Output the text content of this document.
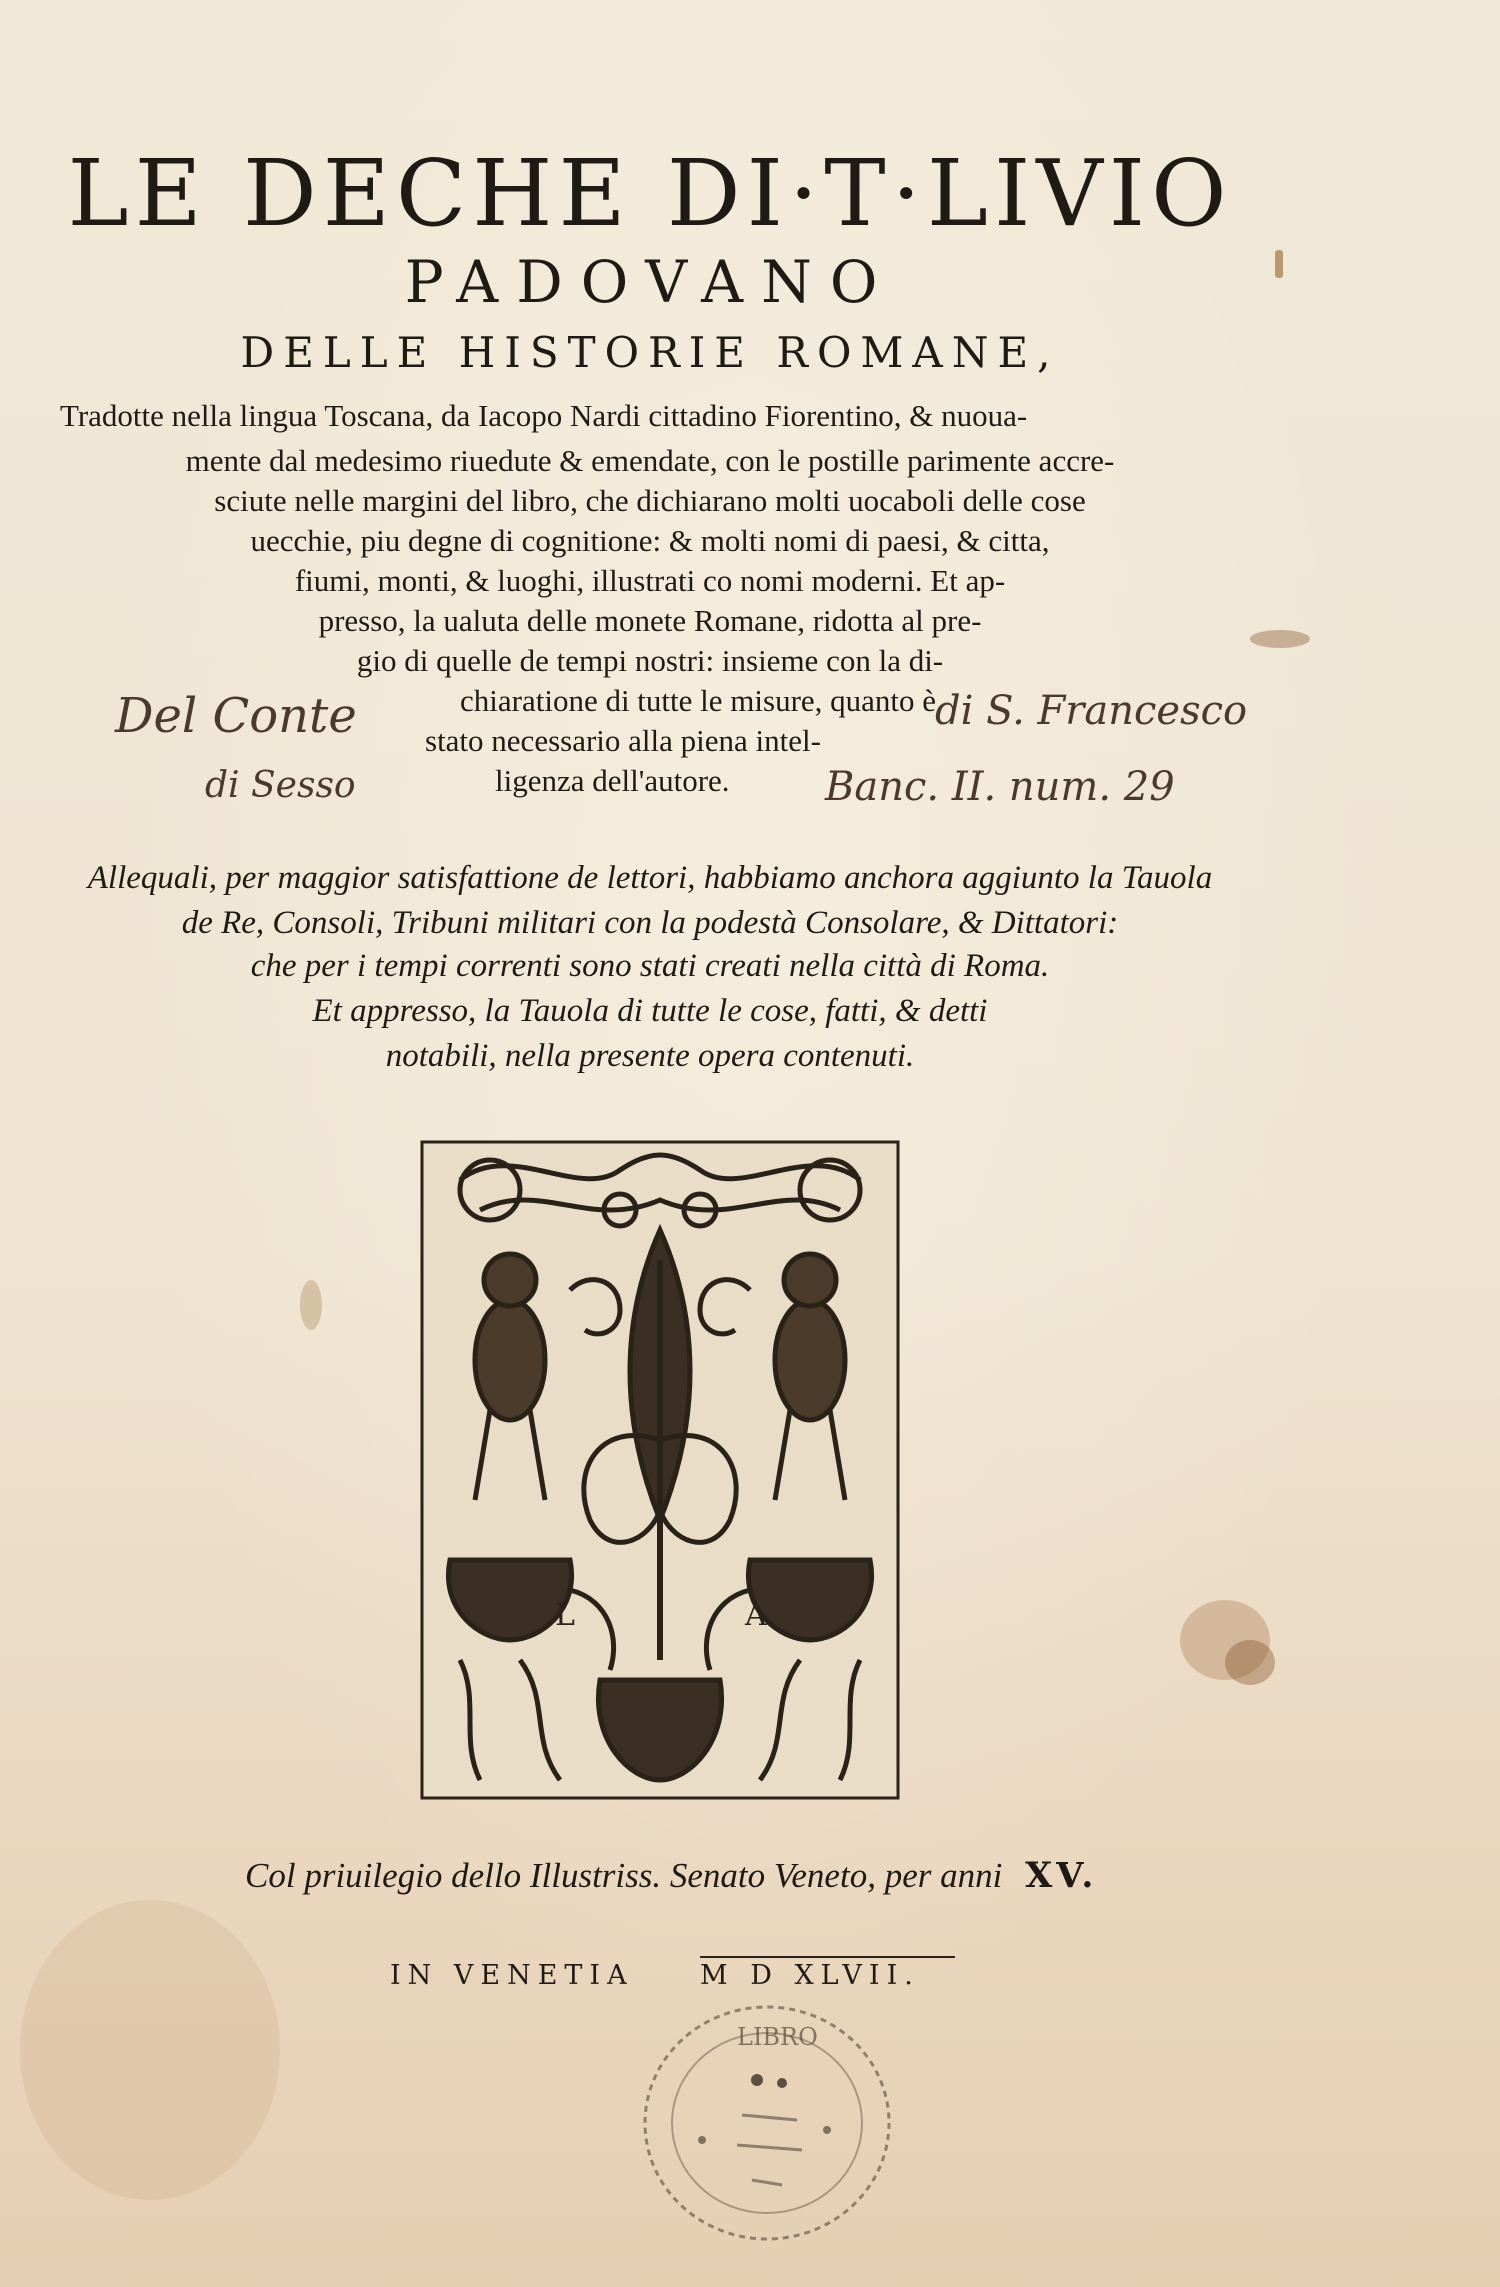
LE DECHE DI·T·LIVIO
PADOVANO
DELLE HISTORIE ROMANE,
Tradotte nella lingua Toscana, da Iacopo Nardi cittadino Fiorentino, & nuoua-
mente dal medesimo riuedute & emendate, con le postille parimente accre-
sciute nelle margini del libro, che dichiarano molti uocaboli delle cose
uecchie, piu degne di cognitione: & molti nomi di paesi, & citta,
fiumi, monti, & luoghi, illustrati co nomi moderni. Et ap-
presso, la ualuta delle monete Romane, ridotta al pre-
gio di quelle de tempi nostri: insieme con la di-
chiaratione di tutte le misure, quanto è
stato necessario alla piena intel-
ligenza dell'autore.
Del Conte
di Sesso
di S. Francesco
Banc. II. num. 29
Allequali, per maggior satisfattione de lettori, habbiamo anchora aggiunto la Tauola
de Re, Consoli, Tribuni militari con la podestà Consolare, & Dittatori:
che per i tempi correnti sono stati creati nella città di Roma.
Et appresso, la Tauola di tutte le cose, fatti, & detti
notabili, nella presente opera contenuti.
L	A
Col priuilegio dello Illustriss. Senato Veneto, per anni XV.
IN VENETIA	M D XLVII.
LIBRO
